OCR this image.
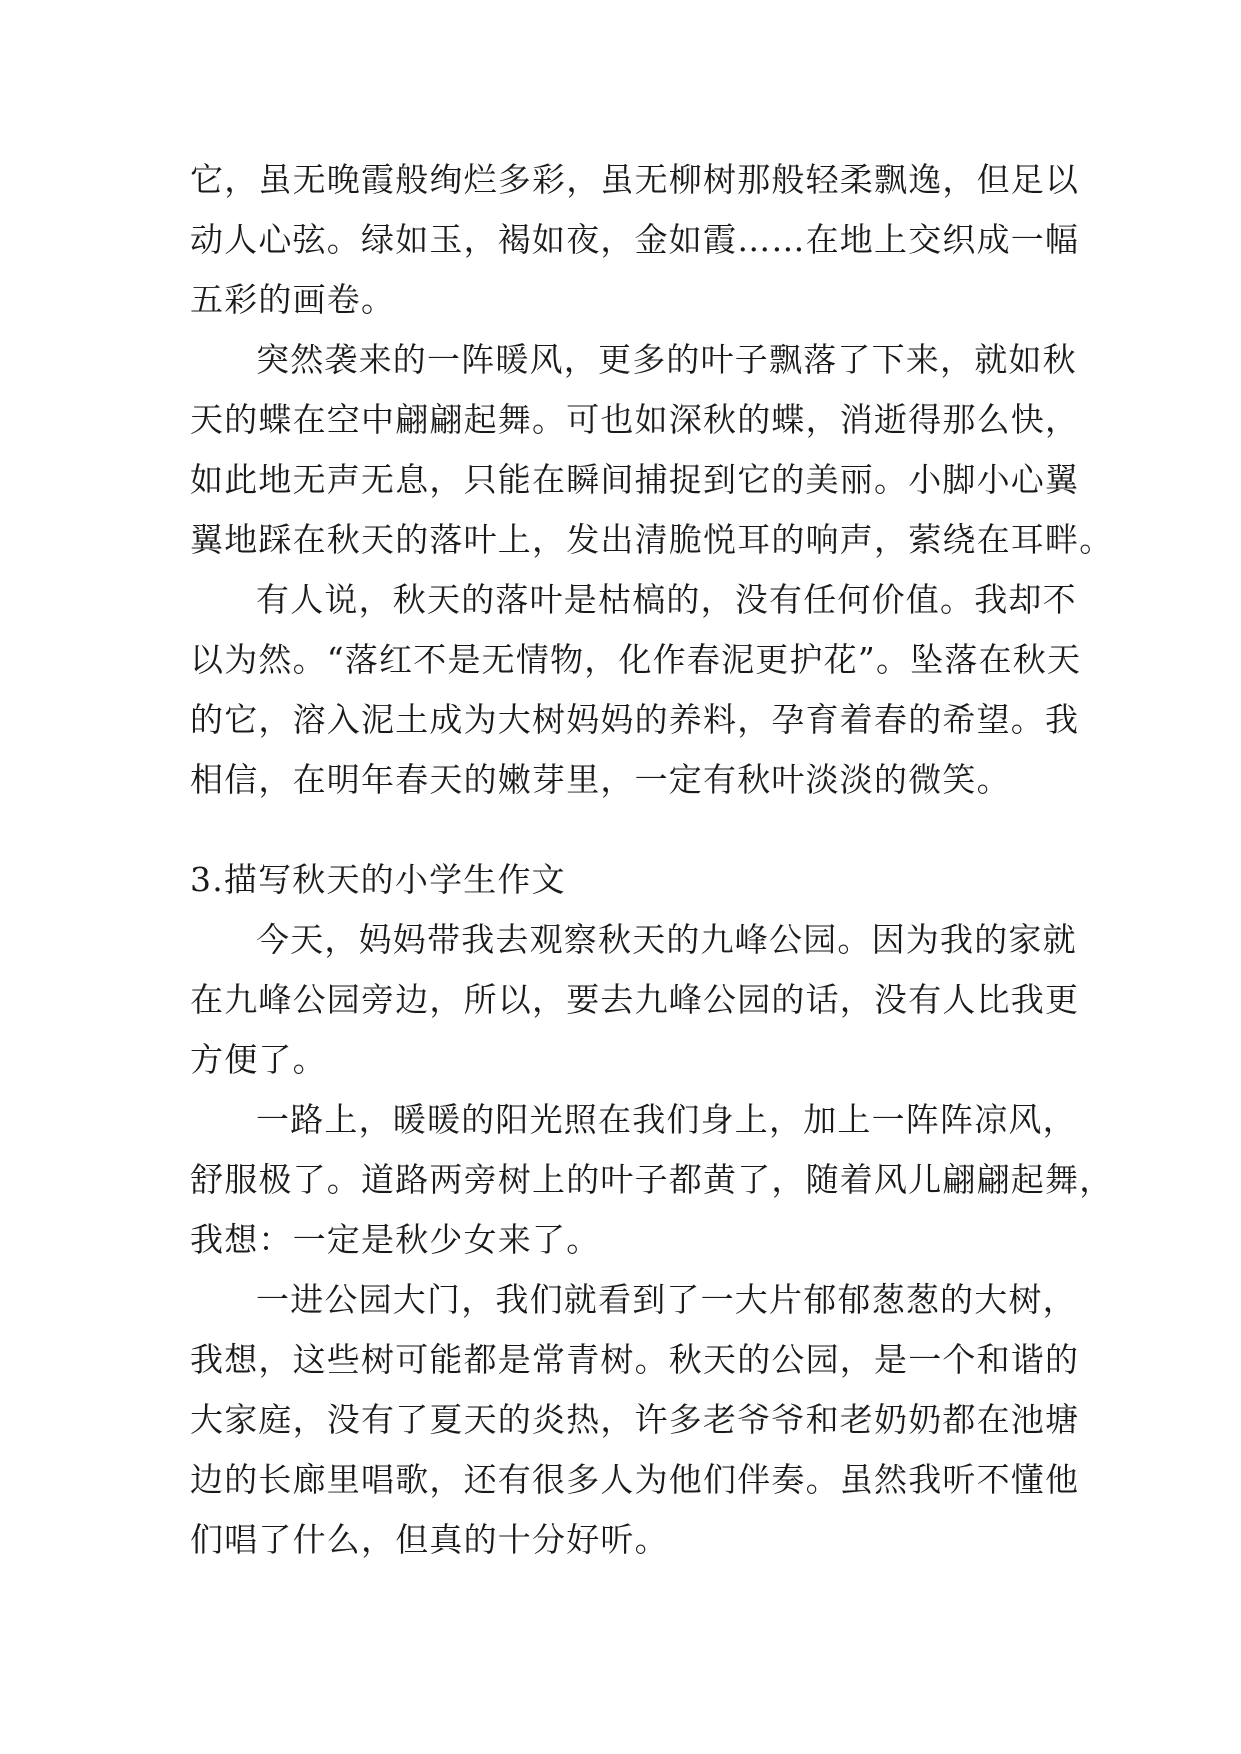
它，虽无晚霞般绚烂多彩，虽无柳树那般轻柔飘逸，但足以
动人心弦。绿如玉，褐如夜，金如霞……在地上交织成一幅
五彩的画卷。
突然袭来的一阵暖风，更多的叶子飘落了下来，就如秋
天的蝶在空中翩翩起舞。可也如深秋的蝶，消逝得那么快，
如此地无声无息，只能在瞬间捕捉到它的美丽。小脚小心翼
翼地踩在秋天的落叶上，发出清脆悦耳的响声，萦绕在耳畔。
有人说，秋天的落叶是枯槁的，没有任何价值。我却不
以为然。“落红不是无情物，化作春泥更护花”。坠落在秋天
的它，溶入泥土成为大树妈妈的养料，孕育着春的希望。我
相信，在明年春天的嫩芽里，一定有秋叶淡淡的微笑。
3.描写秋天的小学生作文
今天，妈妈带我去观察秋天的九峰公园。因为我的家就
在九峰公园旁边，所以，要去九峰公园的话，没有人比我更
方便了。
一路上，暖暖的阳光照在我们身上，加上一阵阵凉风，
舒服极了。道路两旁树上的叶子都黄了，随着风儿翩翩起舞，
我想：一定是秋少女来了。
一进公园大门，我们就看到了一大片郁郁葱葱的大树，
我想，这些树可能都是常青树。秋天的公园，是一个和谐的
大家庭，没有了夏天的炎热，许多老爷爷和老奶奶都在池塘
边的长廊里唱歌，还有很多人为他们伴奏。虽然我听不懂他
们唱了什么，但真的十分好听。
